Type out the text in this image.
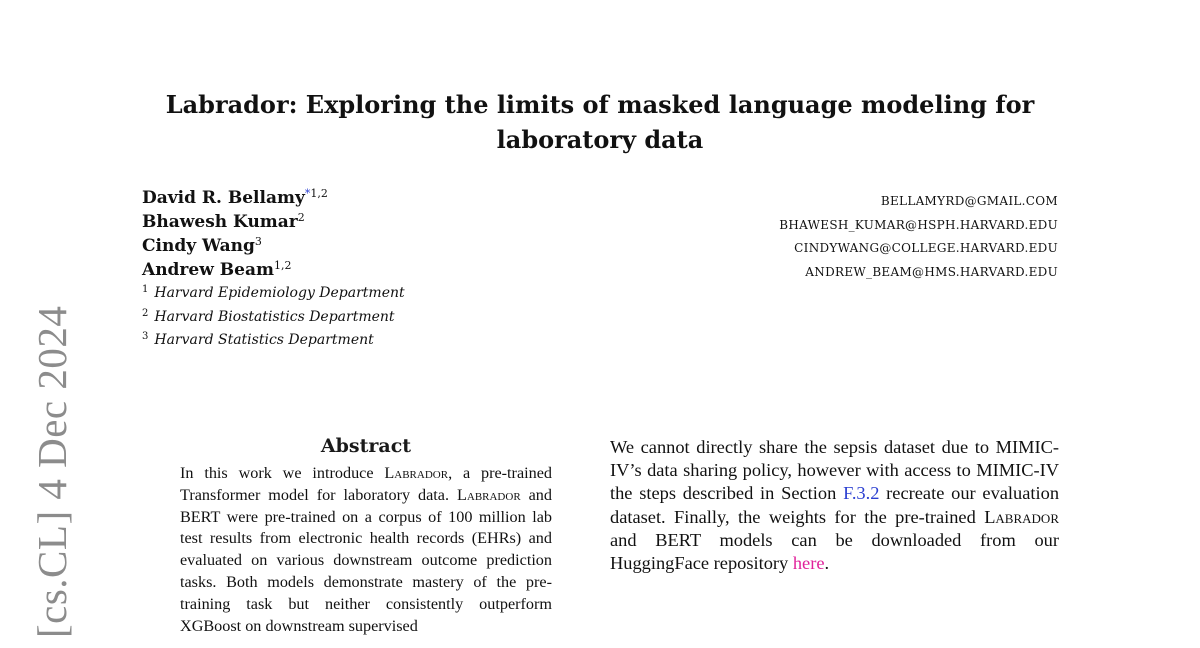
[cs.CL] 4 Dec 2024
Labrador: Exploring the limits of masked language modeling for laboratory data
David R. Bellamy$^{*1,2}$
Bhawesh Kumar$^2$
Cindy Wang$^3$
Andrew Beam$^{1,2}$
$^1$ Harvard Epidemiology Department
$^2$ Harvard Biostatistics Department
$^3$ Harvard Statistics Department
BELLAMYRD@GMAIL.COM
BHAWESH_KUMAR@HSPH.HARVARD.EDU
CINDYWANG@COLLEGE.HARVARD.EDU
ANDREW_BEAM@HMS.HARVARD.EDU
Abstract
In this work we introduce Labrador, a pre-trained Transformer model for laboratory data. Labrador and BERT were pre-trained on a corpus of 100 million lab test results from electronic health records (EHRs) and evaluated on various downstream outcome prediction tasks. Both models demonstrate mastery of the pre-training task but neither consistently outperform XGBoost on downstream supervised
We cannot directly share the sepsis dataset due to MIMIC-IV’s data sharing policy, however with access to MIMIC-IV the steps described in Section F.3.2 recreate our evaluation dataset. Finally, the weights for the pre-trained Labrador and BERT models can be downloaded from our HuggingFace repository here.
